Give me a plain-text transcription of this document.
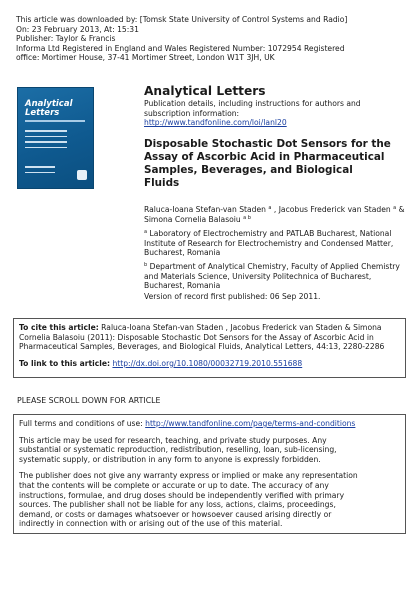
This article was downloaded by: [Tomsk State University of Control Systems and Radio]
On: 23 February 2013, At: 15:31
Publisher: Taylor & Francis
Informa Ltd Registered in England and Wales Registered Number: 1072954 Registered
office: Mortimer House, 37-41 Mortimer Street, London W1T 3JH, UK
Analytical
Letters
Analytical Letters
Publication details, including instructions for authors and
subscription information:
http://www.tandfonline.com/loi/lanl20
Disposable Stochastic Dot Sensors for the
Assay of Ascorbic Acid in Pharmaceutical
Samples, Beverages, and Biological
Fluids
Raluca-Ioana Stefan-van Staden $^a$ , Jacobus Frederick van Staden $^a$ &
Simona Cornelia Balasoiu $^{a b}$
$^a$ Laboratory of Electrochemistry and PATLAB Bucharest, National
Institute of Research for Electrochemistry and Condensed Matter,
Bucharest, Romania
$^b$ Department of Analytical Chemistry, Faculty of Applied Chemistry
and Materials Science, University Politechnica of Bucharest,
Bucharest, Romania
Version of record first published: 06 Sep 2011.
To cite this article: Raluca-Ioana Stefan-van Staden , Jacobus Frederick van Staden & Simona
Cornelia Balasoiu (2011): Disposable Stochastic Dot Sensors for the Assay of Ascorbic Acid in
Pharmaceutical Samples, Beverages, and Biological Fluids, Analytical Letters, 44:13, 2280-2286
To link to this article: http://dx.doi.org/10.1080/00032719.2010.551688
PLEASE SCROLL DOWN FOR ARTICLE
Full terms and conditions of use: http://www.tandfonline.com/page/terms-and-conditions
This article may be used for research, teaching, and private study purposes. Any
substantial or systematic reproduction, redistribution, reselling, loan, sub-licensing,
systematic supply, or distribution in any form to anyone is expressly forbidden.
The publisher does not give any warranty express or implied or make any representation
that the contents will be complete or accurate or up to date. The accuracy of any
instructions, formulae, and drug doses should be independently verified with primary
sources. The publisher shall not be liable for any loss, actions, claims, proceedings,
demand, or costs or damages whatsoever or howsoever caused arising directly or
indirectly in connection with or arising out of the use of this material.
